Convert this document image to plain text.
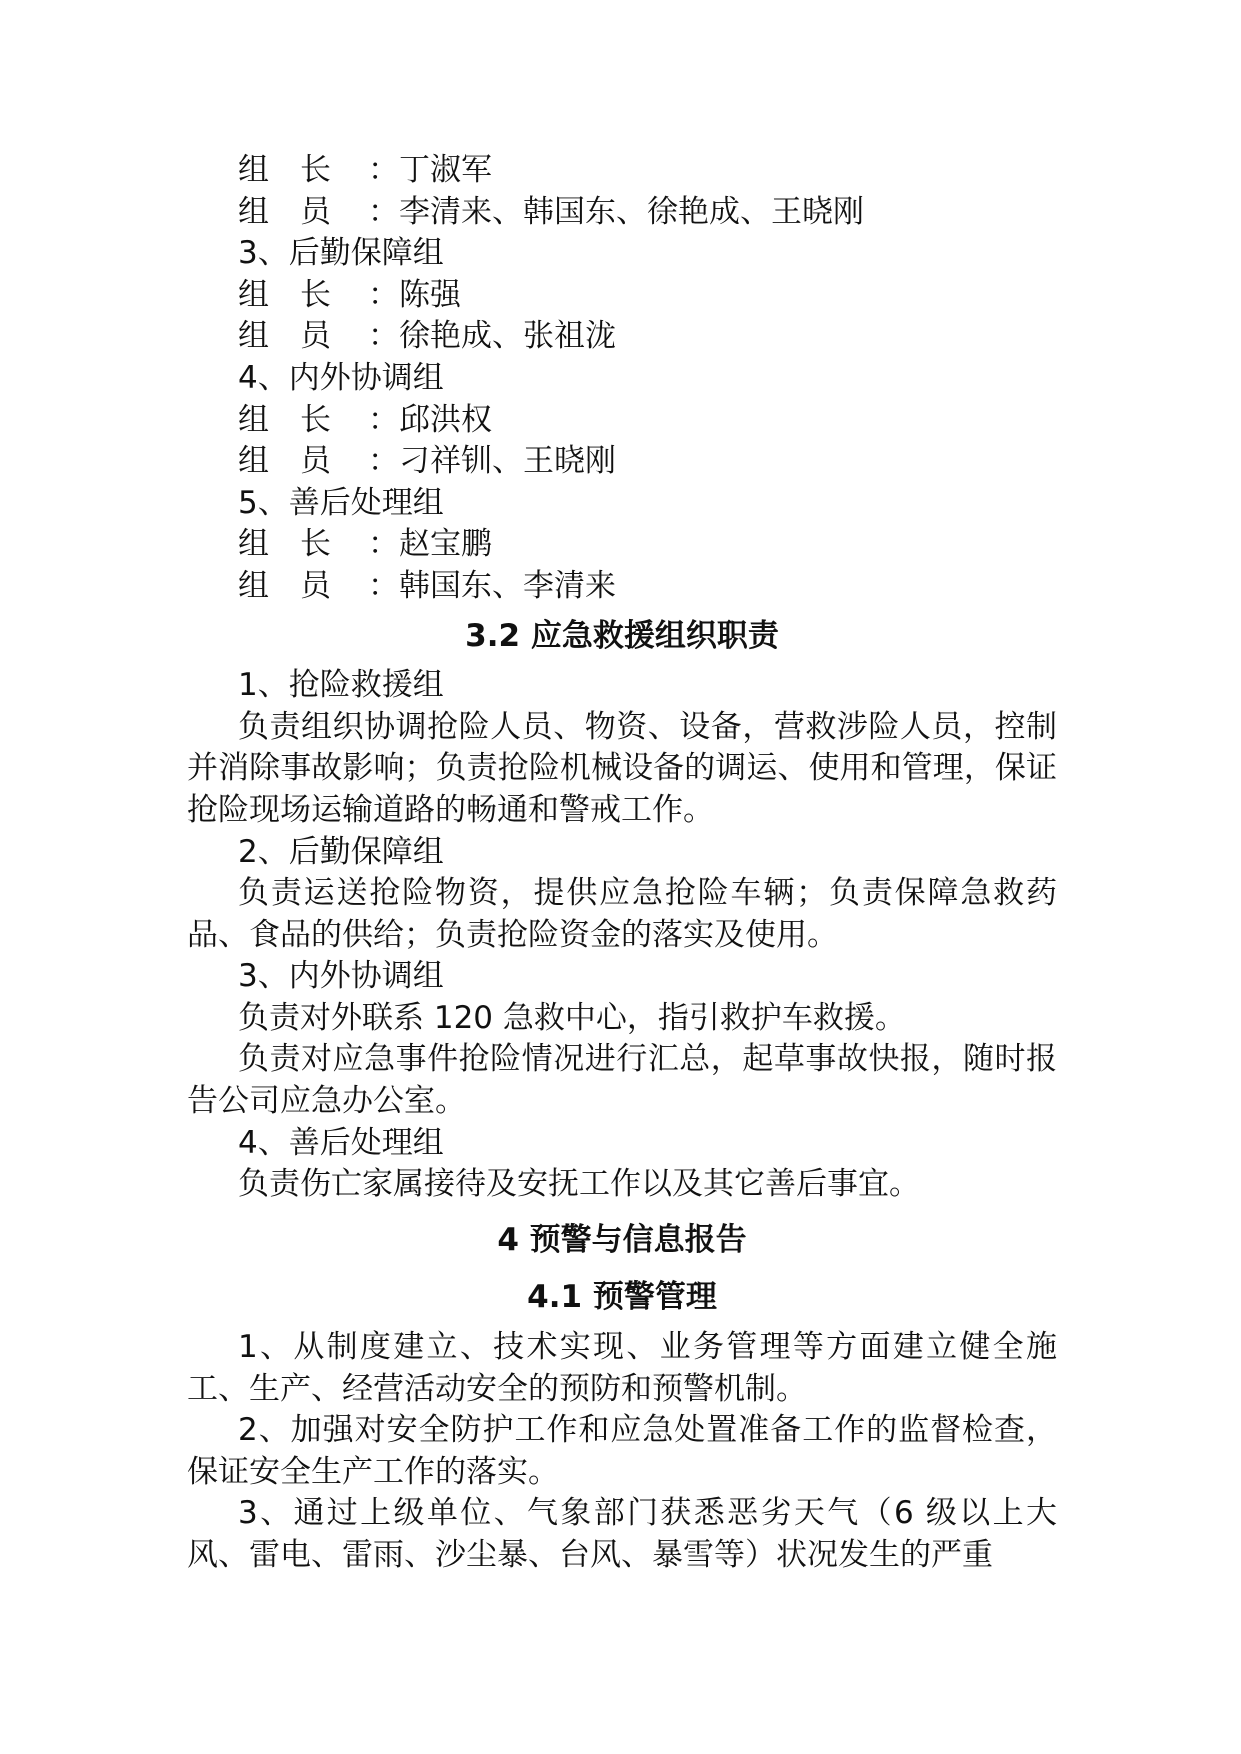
组　长 ：丁淑军

组　员 ：李清来、韩国东、徐艳成、王晓刚

3、后勤保障组

组　长 ：陈强

组　员 ：徐艳成、张祖泷

4、内外协调组

组　长 ：邱洪权

组　员 ：刁祥钏、王晓刚

5、善后处理组

组　长 ：赵宝鹏

组　员 ：韩国东、李清来

3.2 应急救援组织职责

1、抢险救援组

负责组织协调抢险人员、物资、设备，营救涉险人员，控制并消除事故影响；负责抢险机械设备的调运、使用和管理，保证抢险现场运输道路的畅通和警戒工作。

2、后勤保障组

负责运送抢险物资，提供应急抢险车辆；负责保障急救药品、食品的供给；负责抢险资金的落实及使用。

3、内外协调组

负责对外联系 120 急救中心，指引救护车救援。

负责对应急事件抢险情况进行汇总，起草事故快报，随时报告公司应急办公室。

4、善后处理组

负责伤亡家属接待及安抚工作以及其它善后事宜。

4 预警与信息报告
4.1 预警管理

1、从制度建立、技术实现、业务管理等方面建立健全施工、生产、经营活动安全的预防和预警机制。

2、加强对安全防护工作和应急处置准备工作的监督检查，保证安全生产工作的落实。

3、通过上级单位、气象部门获悉恶劣天气（6 级以上大风、雷电、雷雨、沙尘暴、台风、暴雪等）状况发生的严重
